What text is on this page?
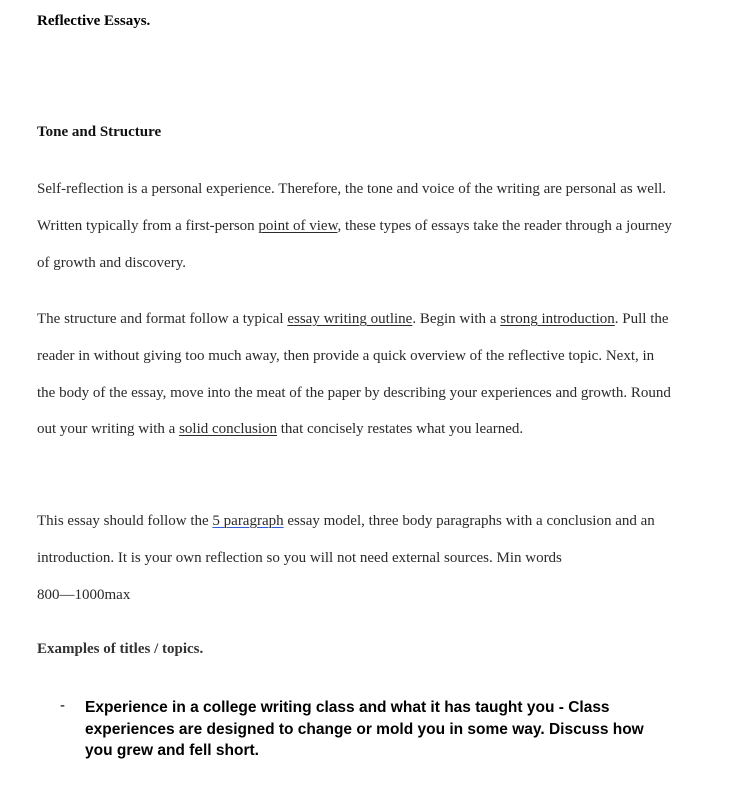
Reflective Essays.
Tone and Structure

Self-reflection is a personal experience. Therefore, the tone and voice of the writing are personal as well. Written typically from a first-person point of view, these types of essays take the reader through a journey of growth and discovery.

The structure and format follow a typical essay writing outline. Begin with a strong introduction. Pull the reader in without giving too much away, then provide a quick overview of the reflective topic. Next, in the body of the essay, move into the meat of the paper by describing your experiences and growth. Round out your writing with a solid conclusion that concisely restates what you learned.

This essay should follow the 5 paragraph essay model, three body paragraphs with a conclusion and an introduction. It is your own reflection so you will not need external sources. Min words
800—1000max

Examples of titles / topics.
- Experience in a college writing class and what it has taught you - Class experiences are designed to change or mold you in some way. Discuss how you grew and fell short.
